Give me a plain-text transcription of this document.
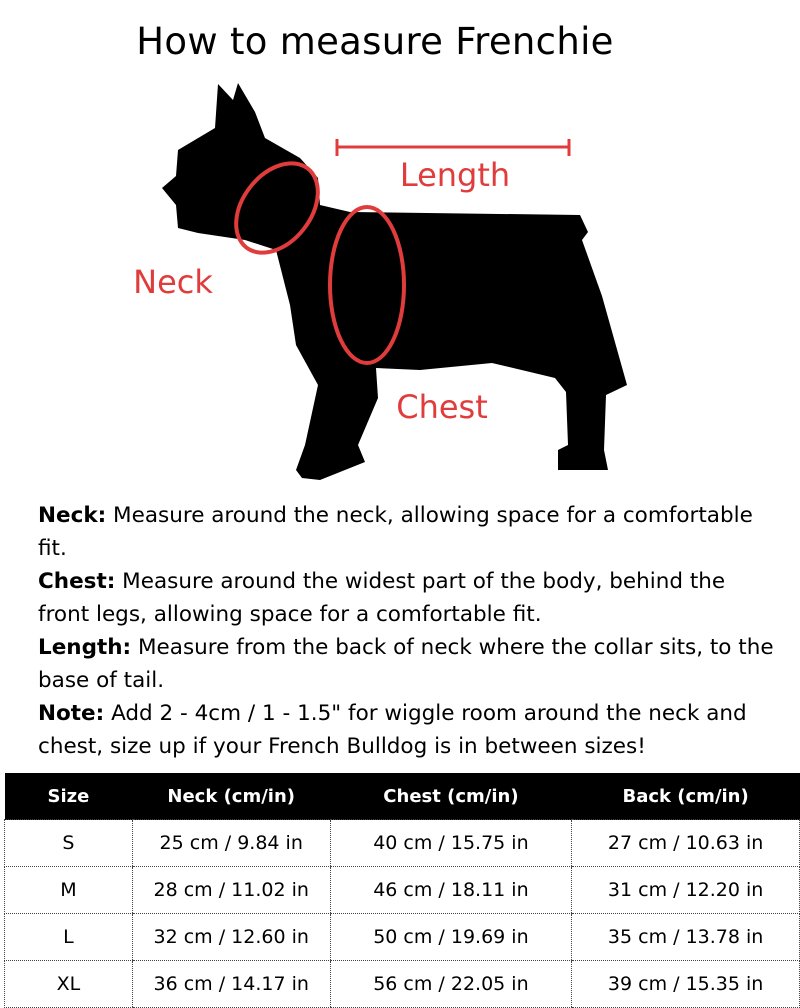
How to measure Frenchie
Length
Neck
Chest

Neck: Measure around the neck, allowing space for a comfortable fit.

Chest: Measure around the widest part of the body, behind the front legs, allowing space for a comfortable fit.

Length: Measure from the back of neck where the collar sits, to the base of tail.

Note: Add 2 - 4cm / 1 - 1.5" for wiggle room around the neck and chest, size up if your French Bulldog is in between sizes!

Size	Neck (cm/in)	Chest (cm/in)	Back (cm/in)
S	25 cm / 9.84 in	40 cm / 15.75 in	27 cm / 10.63 in
M	28 cm / 11.02 in	46 cm / 18.11 in	31 cm / 12.20 in
L	32 cm / 12.60 in	50 cm / 19.69 in	35 cm / 13.78 in
XL	36 cm / 14.17 in	56 cm / 22.05 in	39 cm / 15.35 in
